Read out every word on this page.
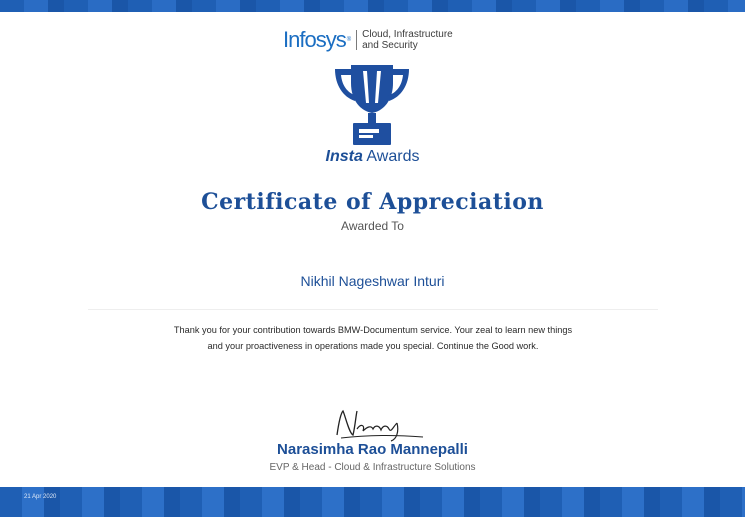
Infosys ® Cloud, Infrastructure
and Security
Insta Awards
Certificate of Appreciation
Awarded To
Nikhil Nageshwar Inturi
Thank you for your contribution towards BMW-Documentum service. Your zeal to learn new things and your proactiveness in operations made you special. Continue the Good work.
Narasimha Rao Mannepalli
EVP & Head - Cloud & Infrastructure Solutions
21 Apr 2020
